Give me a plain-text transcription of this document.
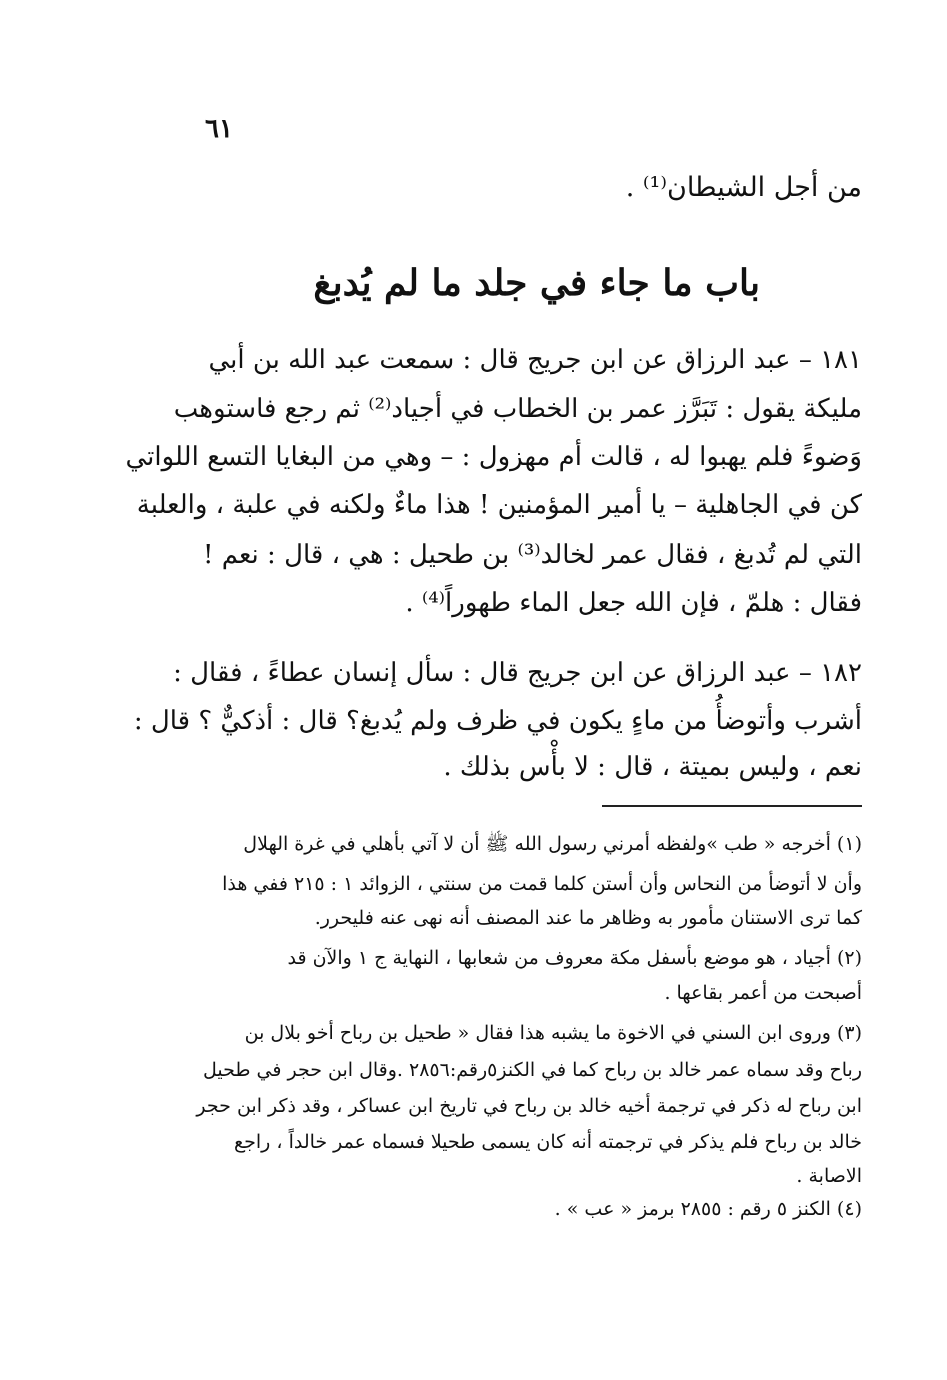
٦١
من أجل الشيطان⁽¹⁾ .
باب ما جاء في جلد ما لم يُدبغ
١٨١ – عبد الرزاق عن ابن جريج قال : سمعت عبد الله بن أبي
مليكة يقول : تَبَرَّز عمر بن الخطاب في أجياد⁽²⁾ ثم رجع فاستوهب
وَضوءً فلم يهبوا له ، قالت أم مهزول : – وهي من البغايا التسع اللواتي
كن في الجاهلية – يا أمير المؤمنين ! هذا ماءٌ ولكنه في علبة ، والعلبة
التي لم تُدبغ ، فقال عمر لخالد⁽³⁾ بن طحيل : هي ، قال : نعم !
فقال : هلمّ ، فإن الله جعل الماء طهوراً⁽⁴⁾ .
١٨٢ – عبد الرزاق عن ابن جريج قال : سأل إنسان عطاءً ، فقال :
أشرب وأتوضأُ من ماءٍ يكون في ظرف ولم يُدبغ؟ قال : أذكيٌّ ؟ قال :
نعم ، وليس بميتة ، قال : لا بأْس بذلك .
(١) أخرجه « طب »ولفظه أمرني رسول الله ﷺ أن لا آتي بأهلي في غرة الهلال
وأن لا أتوضأ من النحاس وأن أستن كلما قمت من سنتي ، الزوائد ١ : ٢١٥ ففي هذا
كما ترى الاستنان مأمور به وظاهر ما عند المصنف أنه نهى عنه فليحرر.
(٢) أجياد ، هو موضع بأسفل مكة معروف من شعابها ، النهاية ج ١ والآن قد
أصبحت من أعمر بقاعها .
(٣) وروى ابن السني في الاخوة ما يشبه هذا فقال « طحيل بن رباح أخو بلال بن
رباح وقد سماه عمر خالد بن رباح كما في الكنز٥رقم:٢٨٥٦ .وقال ابن حجر في طحيل
ابن رباح له ذكر في ترجمة أخيه خالد بن رباح في تاريخ ابن عساكر ، وقد ذكر ابن حجر
خالد بن رباح فلم يذكر في ترجمته أنه كان يسمى طحيلا فسماه عمر خالداً ، راجع
الاصابة .
(٤) الكنز ٥ رقم : ٢٨٥٥ برمز « عب » .
